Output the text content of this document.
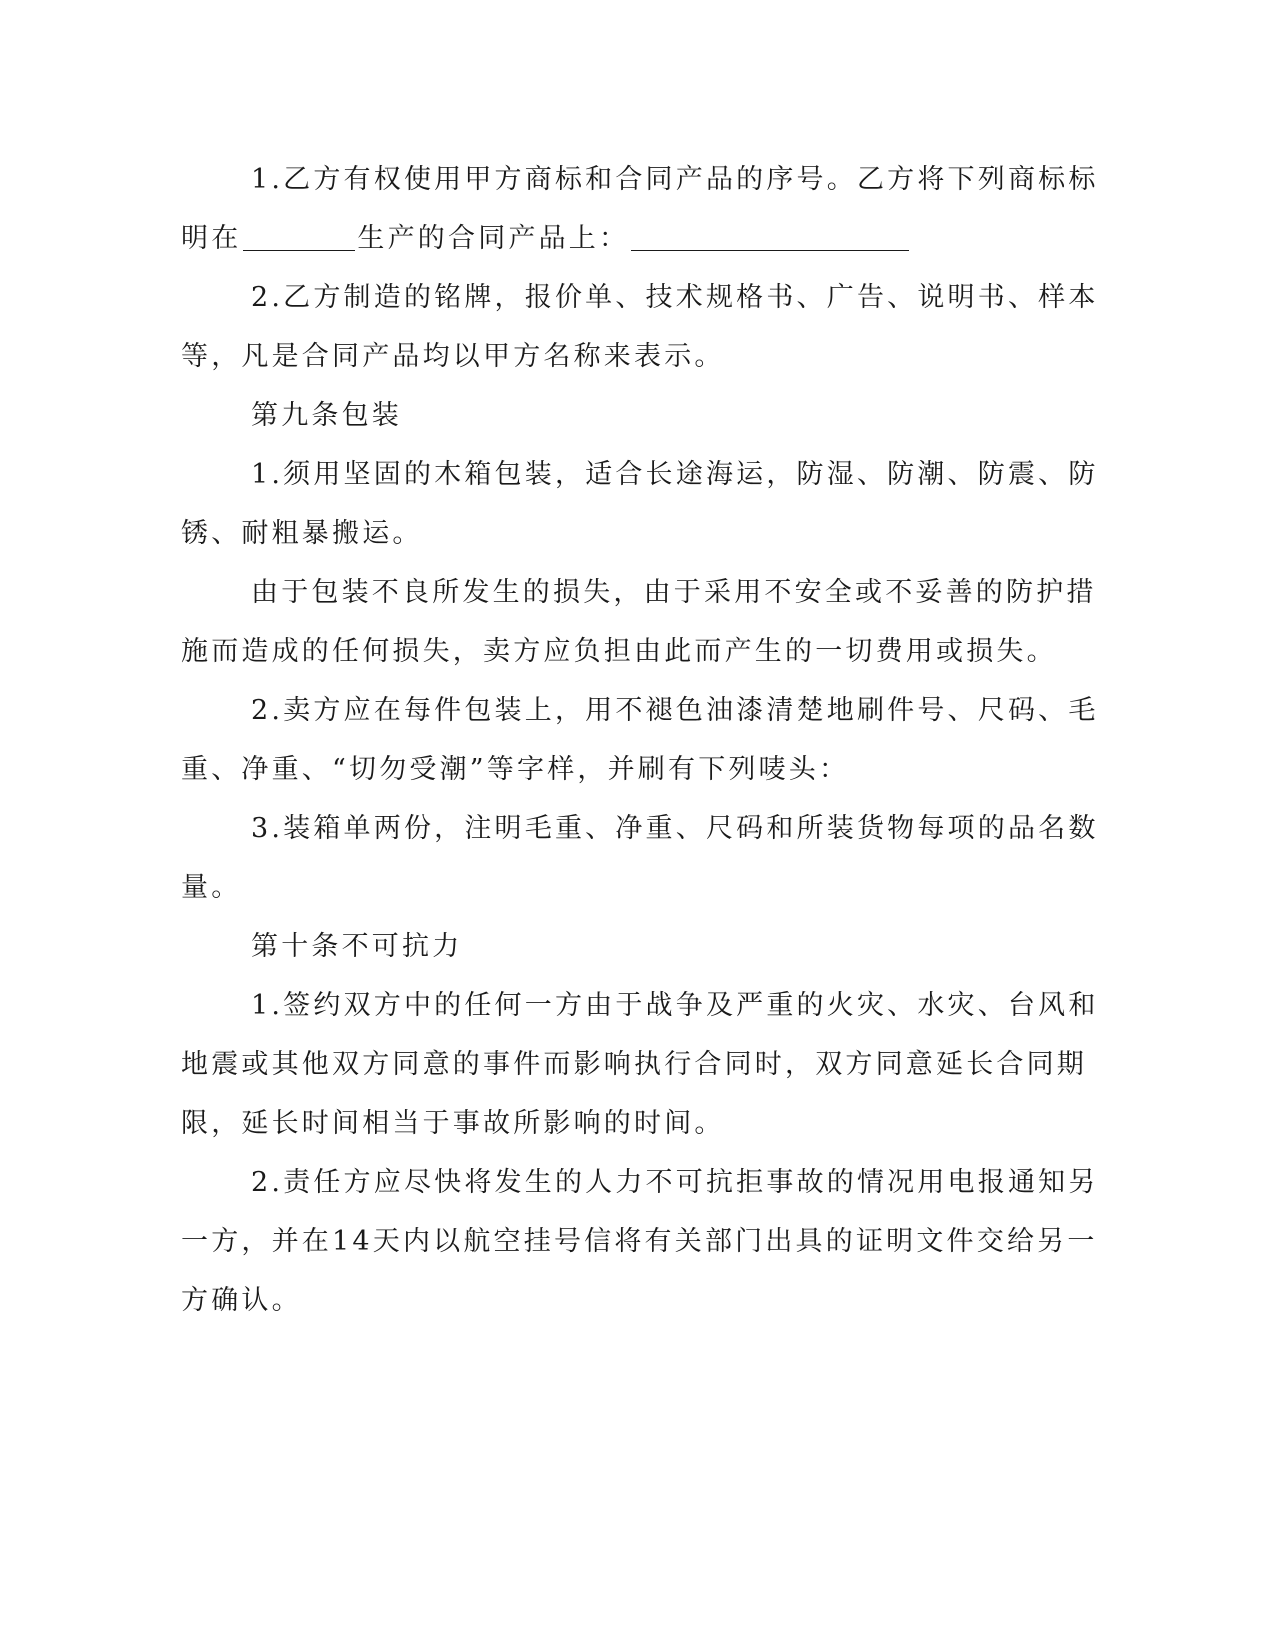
1.乙方有权使用甲方商标和合同产品的序号。乙方将下列商标标
明在	生产的合同产品上：
2.乙方制造的铭牌，报价单、技术规格书、广告、说明书、样本
等，凡是合同产品均以甲方名称来表示。
第九条包装
1.须用坚固的木箱包装，适合长途海运，防湿、防潮、防震、防
锈、耐粗暴搬运。
由于包装不良所发生的损失，由于采用不安全或不妥善的防护措
施而造成的任何损失，卖方应负担由此而产生的一切费用或损失。
2.卖方应在每件包装上，用不褪色油漆清楚地刷件号、尺码、毛
重、净重、“切勿受潮”等字样，并刷有下列唛头：
3.装箱单两份，注明毛重、净重、尺码和所装货物每项的品名数
量。
第十条不可抗力
1.签约双方中的任何一方由于战争及严重的火灾、水灾、台风和
地震或其他双方同意的事件而影响执行合同时，双方同意延长合同期
限，延长时间相当于事故所影响的时间。
2.责任方应尽快将发生的人力不可抗拒事故的情况用电报通知另
一方，并在14天内以航空挂号信将有关部门出具的证明文件交给另一
方确认。
